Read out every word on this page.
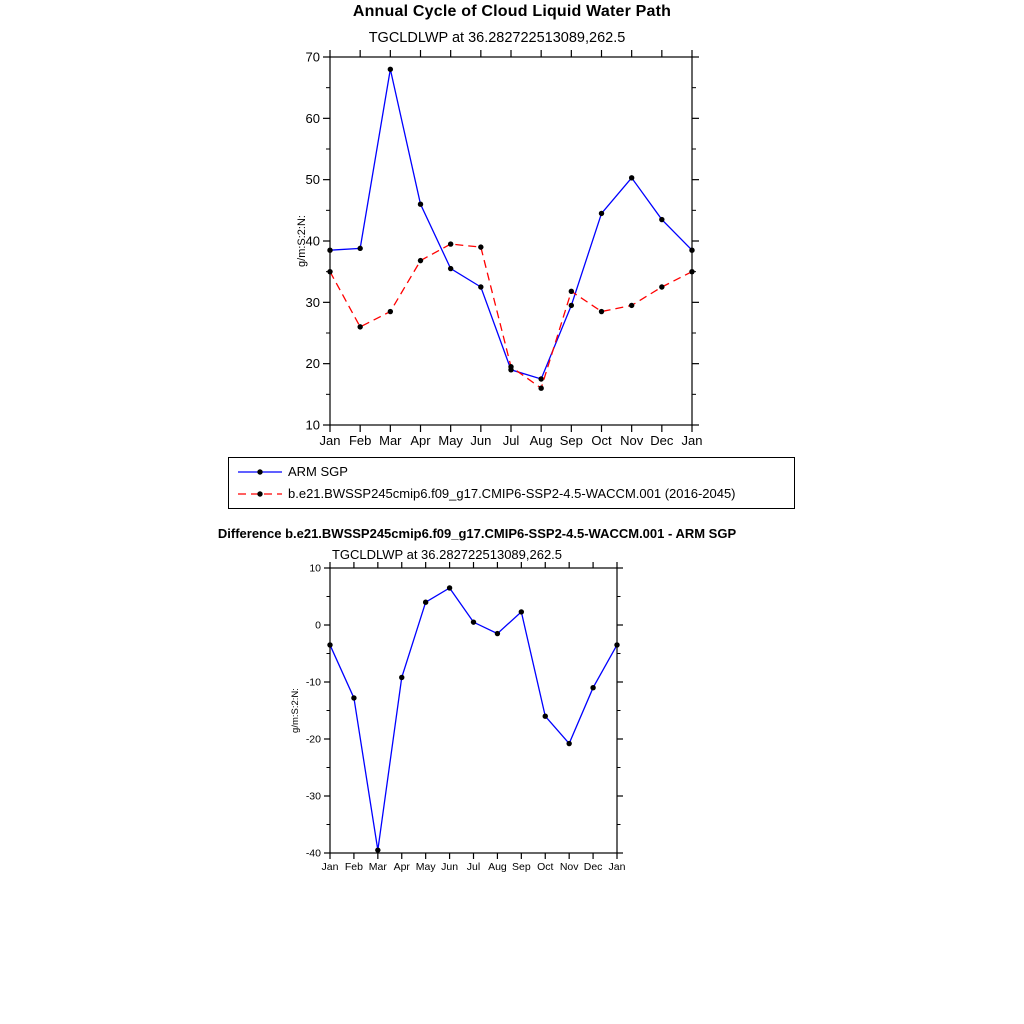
Annual Cycle of Cloud Liquid Water Path
TGCLDLWP at 36.282722513089,262.5
10
20
30
40
50
60
70
Jan Feb Mar Apr May Jun Jul Aug Sep Oct Nov Dec Jan
g/m:S:2:N:
ARM SGP
b.e21.BWSSP245cmip6.f09_g17.CMIP6-SSP2-4.5-WACCM.001 (2016-2045)
Difference b.e21.BWSSP245cmip6.f09_g17.CMIP6-SSP2-4.5-WACCM.001 - ARM SGP
TGCLDLWP at 36.282722513089,262.5
-40
-30
-20
-10
0
10
Jan Feb Mar Apr May Jun Jul Aug Sep Oct Nov Dec Jan
g/m:S:2:N:
